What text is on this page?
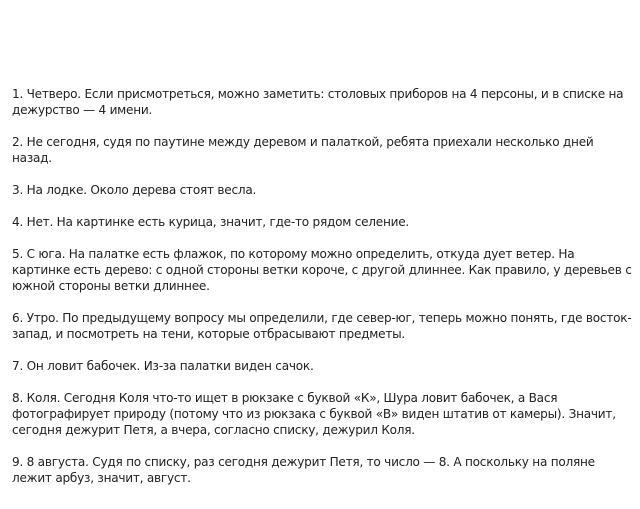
1. Четверо. Если присмотреться, можно заметить: столовых приборов на 4 персоны, и в списке на дежурство — 4 имени.

2. Не сегодня, судя по паутине между деревом и палаткой, ребята приехали несколько дней назад.

3. На лодке. Около дерева стоят весла.

4. Нет. На картинке есть курица, значит, где-то рядом селение.

5. С юга. На палатке есть флажок, по которому можно определить, откуда дует ветер. На картинке есть дерево: с одной стороны ветки короче, с другой длиннее. Как правило, у деревьев с южной стороны ветки длиннее.

6. Утро. По предыдущему вопросу мы определили, где север-юг, теперь можно понять, где восток-запад, и посмотреть на тени, которые отбрасывают предметы.

7. Он ловит бабочек. Из-за палатки виден сачок.

8. Коля. Сегодня Коля что-то ищет в рюкзаке с буквой «К», Шура ловит бабочек, а Вася фотографирует природу (потому что из рюкзака с буквой «В» виден штатив от камеры). Значит, сегодня дежурит Петя, а вчера, согласно списку, дежурил Коля.

9. 8 августа. Судя по списку, раз сегодня дежурит Петя, то число — 8. А поскольку на поляне лежит арбуз, значит, август.
